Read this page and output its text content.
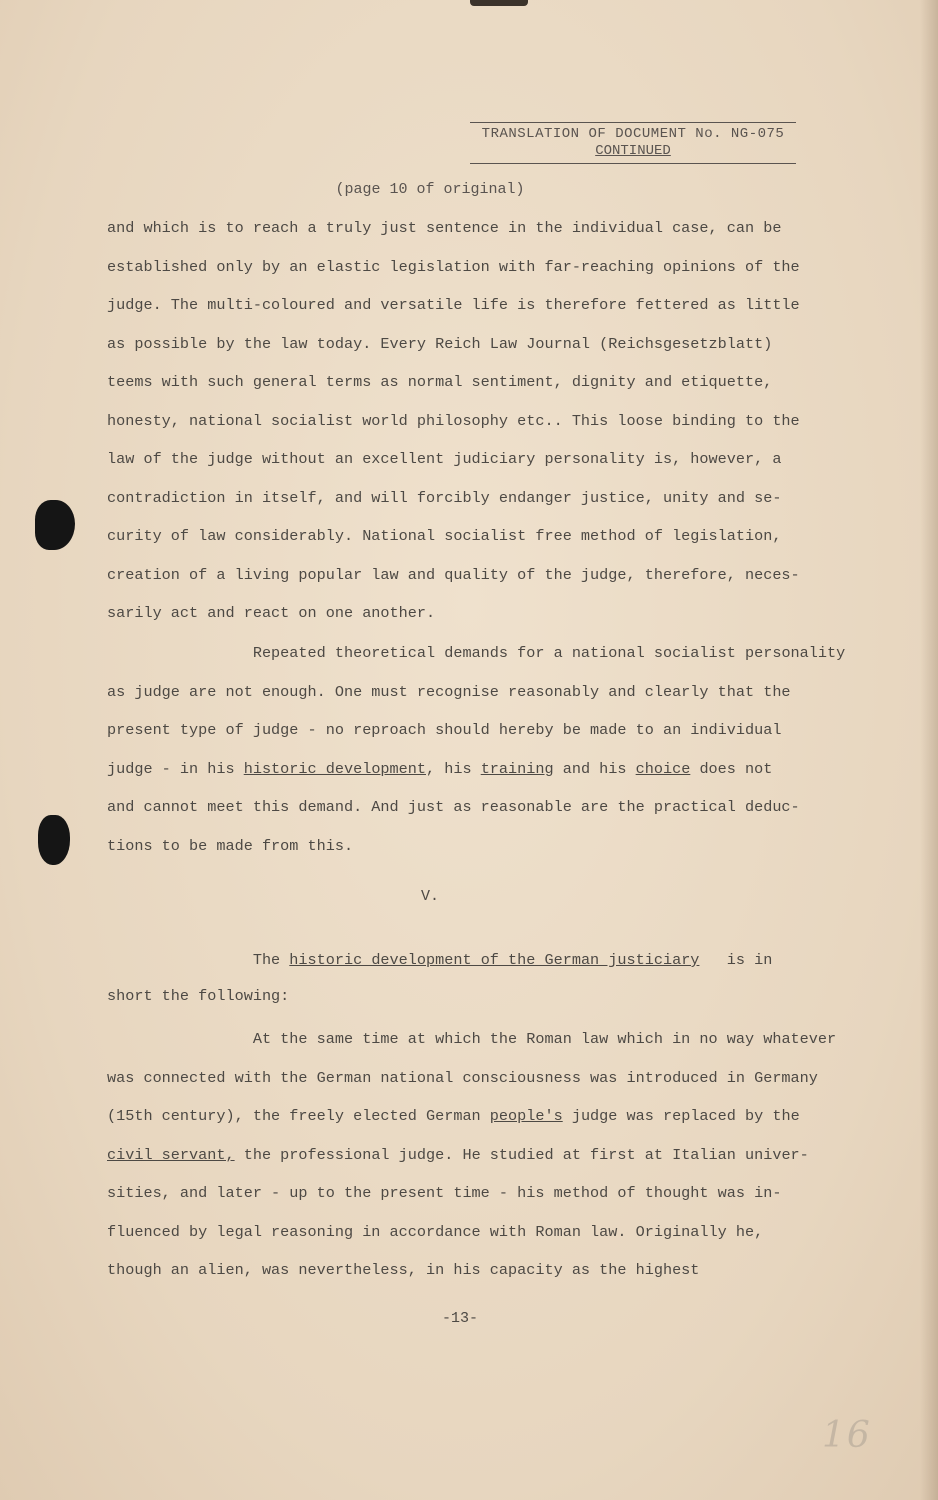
TRANSLATION OF DOCUMENT No. NG-075
CONTINUED
(page 10 of original)
and which is to reach a truly just sentence in the individual case, can be
established only by an elastic legislation with far-reaching opinions of the
judge. The multi-coloured and versatile life is therefore fettered as little
as possible by the law today. Every Reich Law Journal (Reichsgesetzblatt)
teems with such general terms as normal sentiment, dignity and etiquette,
honesty, national socialist world philosophy etc.. This loose binding to the
law of the judge without an excellent judiciary personality is, however, a
contradiction in itself, and will forcibly endanger justice, unity and se-
curity of law considerably. National socialist free method of legislation,
creation of a living popular law and quality of the judge, therefore, neces-
sarily act and react on one another.
Repeated theoretical demands for a national socialist personality
as judge are not enough. One must recognise reasonably and clearly that the
present type of judge - no reproach should hereby be made to an individual
judge - in his historic development, his training and his choice does not
and cannot meet this demand. And just as reasonable are the practical deduc-
tions to be made from this.
V.
The historic development of the German justiciary   is in
short the following:
At the same time at which the Roman law which in no way whatever
was connected with the German national consciousness was introduced in Germany
(15th century), the freely elected German people's judge was replaced by the
civil servant, the professional judge. He studied at first at Italian univer-
sities, and later - up to the present time - his method of thought was in-
fluenced by legal reasoning in accordance with Roman law. Originally he,
though an alien, was nevertheless, in his capacity as the highest
-13-
16
